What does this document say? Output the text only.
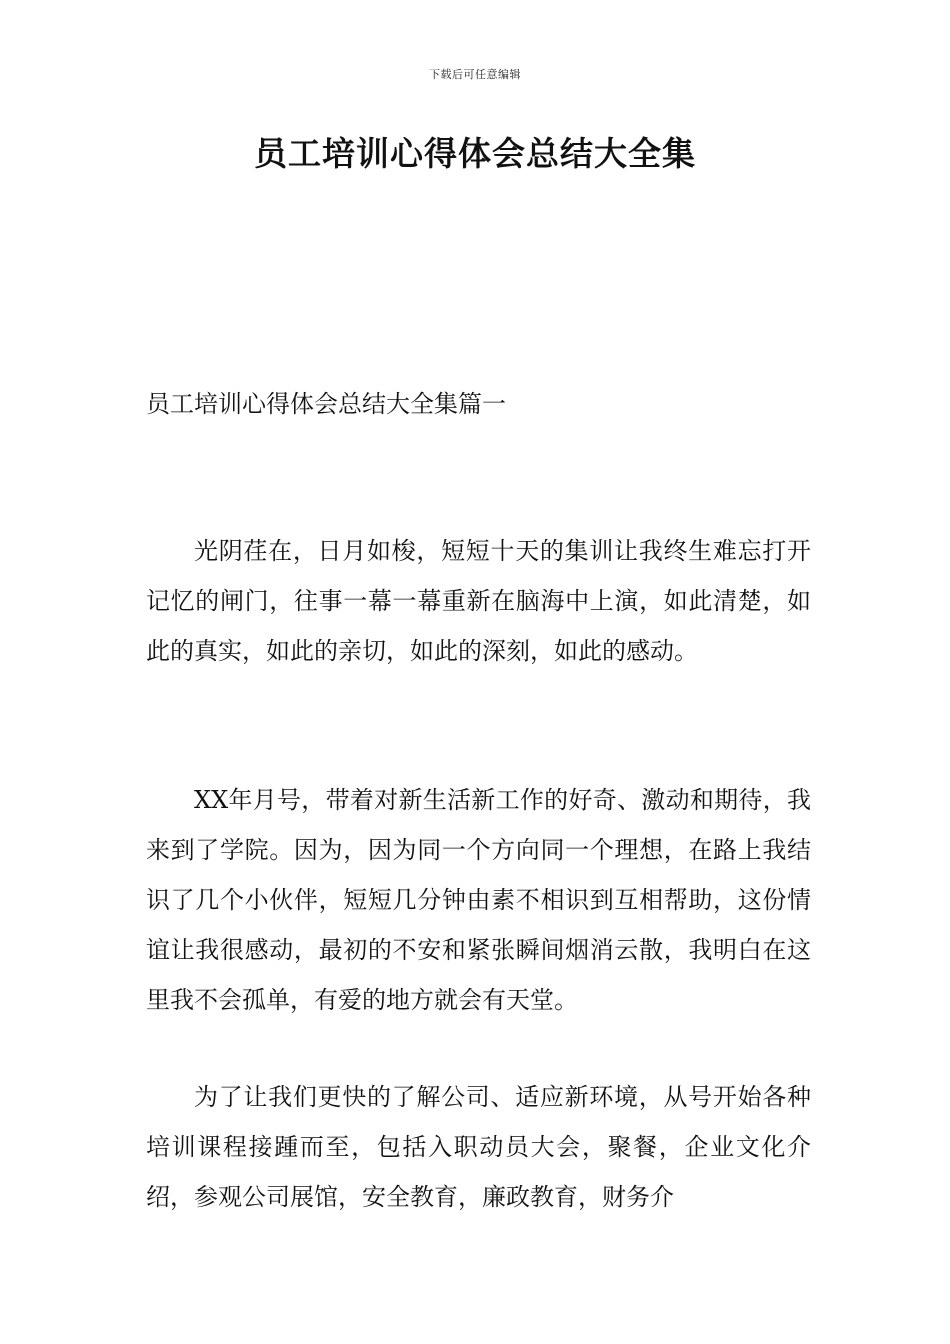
下载后可任意编辑
员工培训心得体会总结大全集
员工培训心得体会总结大全集篇一

光阴荏在，日月如梭，短短十天的集训让我终生难忘打开记忆的闸门，往事一幕一幕重新在脑海中上演，如此清楚，如此的真实，如此的亲切，如此的深刻，如此的感动。

XX年月号，带着对新生活新工作的好奇、激动和期待，我来到了学院。因为，因为同一个方向同一个理想，在路上我结识了几个小伙伴，短短几分钟由素不相识到互相帮助，这份情谊让我很感动，最初的不安和紧张瞬间烟消云散，我明白在这里我不会孤单，有爱的地方就会有天堂。

为了让我们更快的了解公司、适应新环境，从号开始各种培训课程接踵而至，包括入职动员大会，聚餐，企业文化介绍，参观公司展馆，安全教育，廉政教育，财务介
